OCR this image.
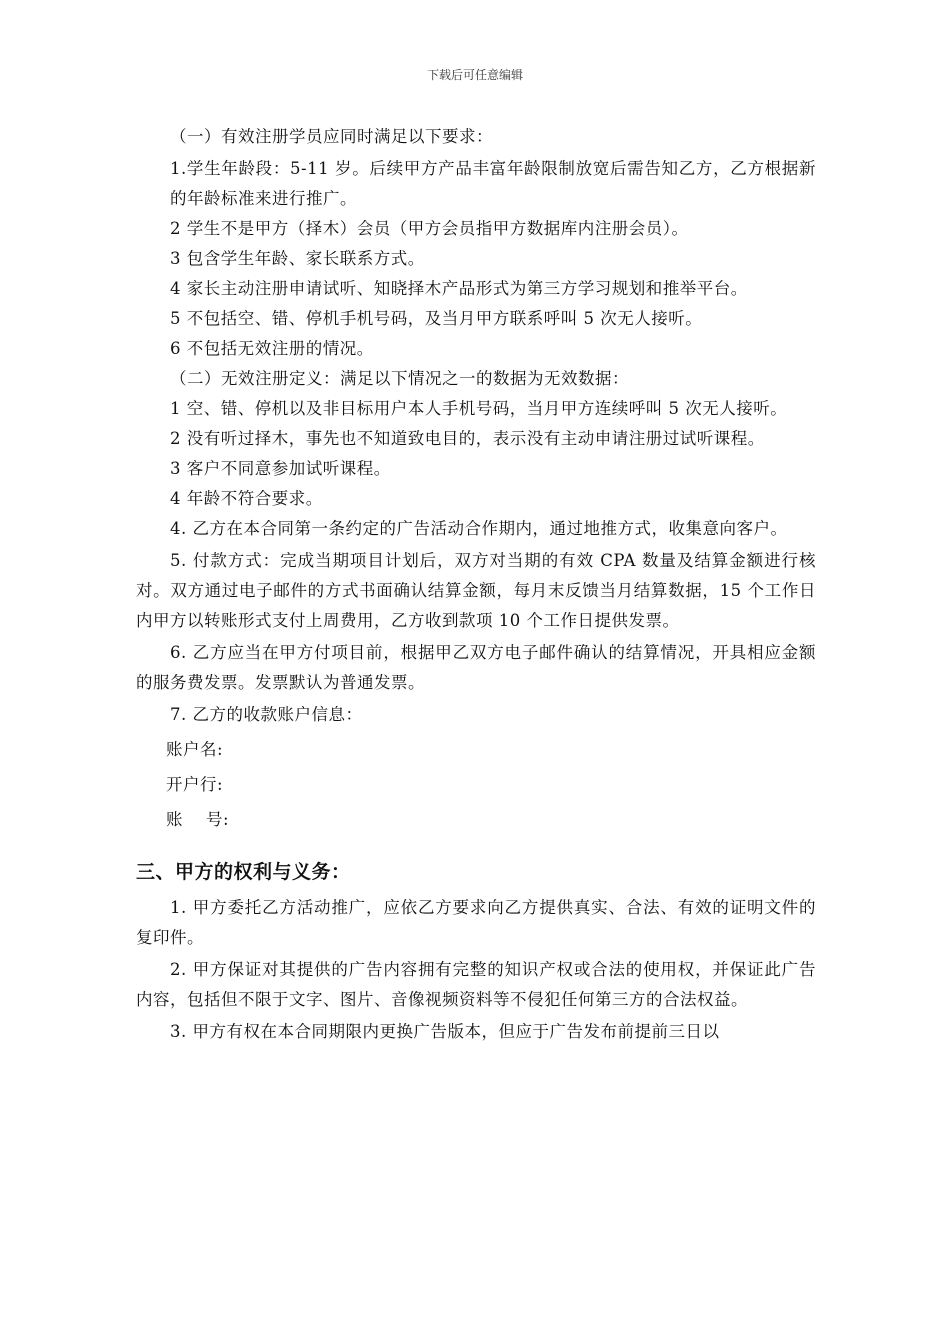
下载后可任意编辑

（一）有效注册学员应同时满足以下要求：

1.学生年龄段：5-11 岁。后续甲方产品丰富年龄限制放宽后需告知乙方，乙方根据新的年龄标准来进行推广。

2 学生不是甲方（择木）会员（甲方会员指甲方数据库内注册会员）。

3 包含学生年龄、家长联系方式。

4 家长主动注册申请试听、知晓择木产品形式为第三方学习规划和推举平台。

5 不包括空、错、停机手机号码，及当月甲方联系呼叫 5 次无人接听。

6 不包括无效注册的情况。

（二）无效注册定义：满足以下情况之一的数据为无效数据：

1 空、错、停机以及非目标用户本人手机号码，当月甲方连续呼叫 5 次无人接听。

2 没有听过择木，事先也不知道致电目的，表示没有主动申请注册过试听课程。

3 客户不同意参加试听课程。

4 年龄不符合要求。

4. 乙方在本合同第一条约定的广告活动合作期内，通过地推方式，收集意向客户。

5. 付款方式：完成当期项目计划后，双方对当期的有效 CPA 数量及结算金额进行核对。双方通过电子邮件的方式书面确认结算金额，每月末反馈当月结算数据，15 个工作日内甲方以转账形式支付上周费用，乙方收到款项 10 个工作日提供发票。

6. 乙方应当在甲方付项目前，根据甲乙双方电子邮件确认的结算情况，开具相应金额的服务费发票。发票默认为普通发票。

7. 乙方的收款账户信息：

账户名:

开户行:

账    号:

三、甲方的权利与义务：

1. 甲方委托乙方活动推广，应依乙方要求向乙方提供真实、合法、有效的证明文件的复印件。

2. 甲方保证对其提供的广告内容拥有完整的知识产权或合法的使用权，并保证此广告内容，包括但不限于文字、图片、音像视频资料等不侵犯任何第三方的合法权益。

3. 甲方有权在本合同期限内更换广告版本，但应于广告发布前提前三日以
